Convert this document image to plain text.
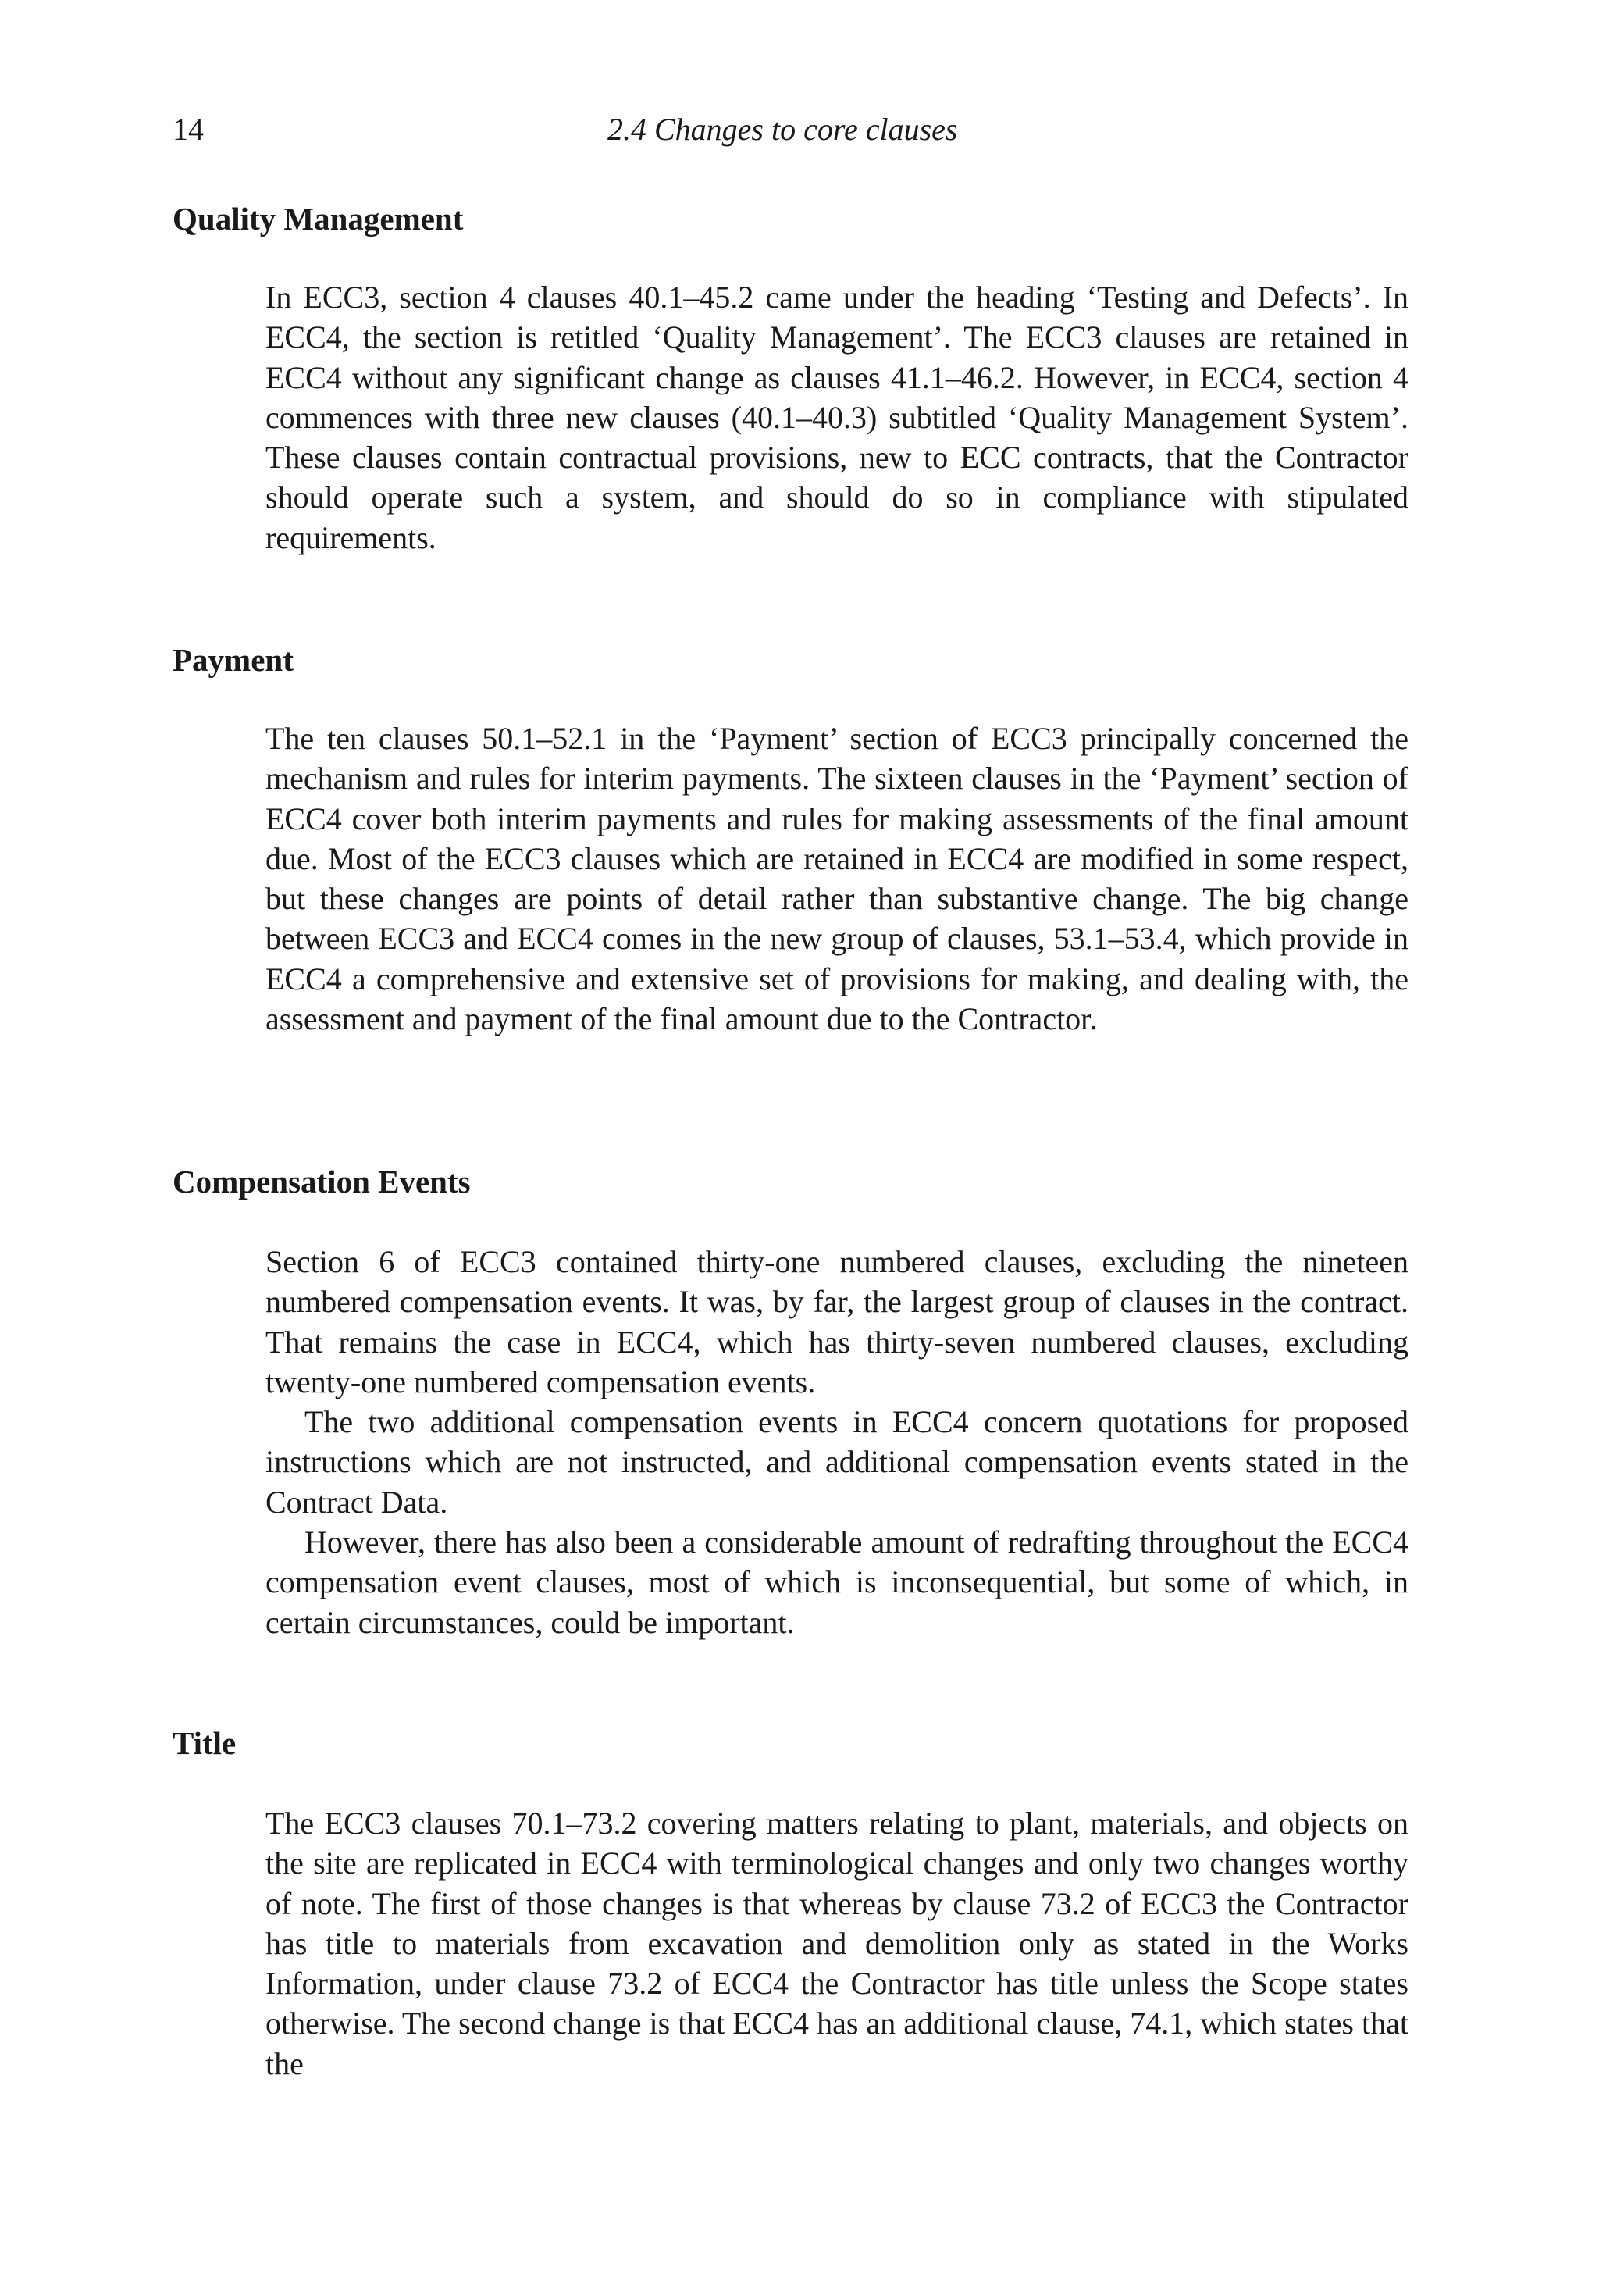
14	2.4 Changes to core clauses
Quality Management

In ECC3, section 4 clauses 40.1–45.2 came under the heading ‘Testing and Defects’. In ECC4, the section is retitled ‘Quality Management’. The ECC3 clauses are retained in ECC4 without any significant change as clauses 41.1–46.2. However, in ECC4, section 4 commences with three new clauses (40.1–40.3) subtitled ‘Quality Management System’. These clauses contain contractual provisions, new to ECC contracts, that the Contractor should operate such a system, and should do so in compliance with stipulated requirements.

Payment

The ten clauses 50.1–52.1 in the ‘Payment’ section of ECC3 principally concerned the mechanism and rules for interim payments. The sixteen clauses in the ‘Payment’ section of ECC4 cover both interim payments and rules for making assessments of the final amount due. Most of the ECC3 clauses which are retained in ECC4 are modified in some respect, but these changes are points of detail rather than substantive change. The big change between ECC3 and ECC4 comes in the new group of clauses, 53.1–53.4, which provide in ECC4 a comprehensive and extensive set of provisions for making, and dealing with, the assessment and payment of the final amount due to the Contractor.

Compensation Events

Section 6 of ECC3 contained thirty-one numbered clauses, excluding the nineteen numbered compensation events. It was, by far, the largest group of clauses in the contract. That remains the case in ECC4, which has thirty-seven numbered clauses, excluding twenty-one numbered compensation events.

The two additional compensation events in ECC4 concern quotations for proposed instructions which are not instructed, and additional compensation events stated in the Contract Data.

However, there has also been a considerable amount of redrafting throughout the ECC4 compensation event clauses, most of which is inconsequential, but some of which, in certain circumstances, could be important.

Title

The ECC3 clauses 70.1–73.2 covering matters relating to plant, materials, and objects on the site are replicated in ECC4 with terminological changes and only two changes worthy of note. The first of those changes is that whereas by clause 73.2 of ECC3 the Contractor has title to materials from excavation and demolition only as stated in the Works Information, under clause 73.2 of ECC4 the Contractor has title unless the Scope states otherwise. The second change is that ECC4 has an additional clause, 74.1, which states that the
